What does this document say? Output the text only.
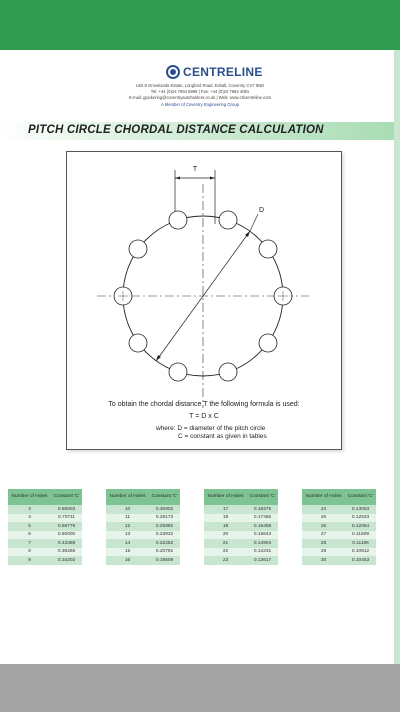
CENTRELINE
Unit 8 Grovelands Estate, Longford Road, Exhall, Coventry CV7 9ND
Tel: +44 (0)24 7664 5999 | Fax: +44 (0)24 7664 4081
E-mail: gpickering@coventryautoholders.co.uk | Web: www.ctlcentreline.com
A Member of Coventry Engineering Group
PITCH CIRCLE CHORDAL DISTANCE CALCULATION
T
D
To obtain the chordal distance T the following formula is used:
T = D x C
where: D = diameter of the pitch circle
C = constant as given in tables
Number of Holes	Constant 'C'
3	0.86603
4	0.70711
5	0.58779
6	0.50000
7	0.43388
8	0.38268
9	0.34202
Number of Holes	Constant 'C'
10	0.30902
11	0.28173
12	0.25882
13	0.23932
14	0.22252
15	0.20791
16	0.19509
Number of Holes	Constant 'C'
17	0.18375
18	0.17365
19	0.16458
20	0.15643
21	0.14904
22	0.14231
23	0.13617
Number of Holes	Constant 'C'
24	0.13053
25	0.12533
26	0.12054
27	0.11609
28	0.11196
29	0.10812
30	0.10453
